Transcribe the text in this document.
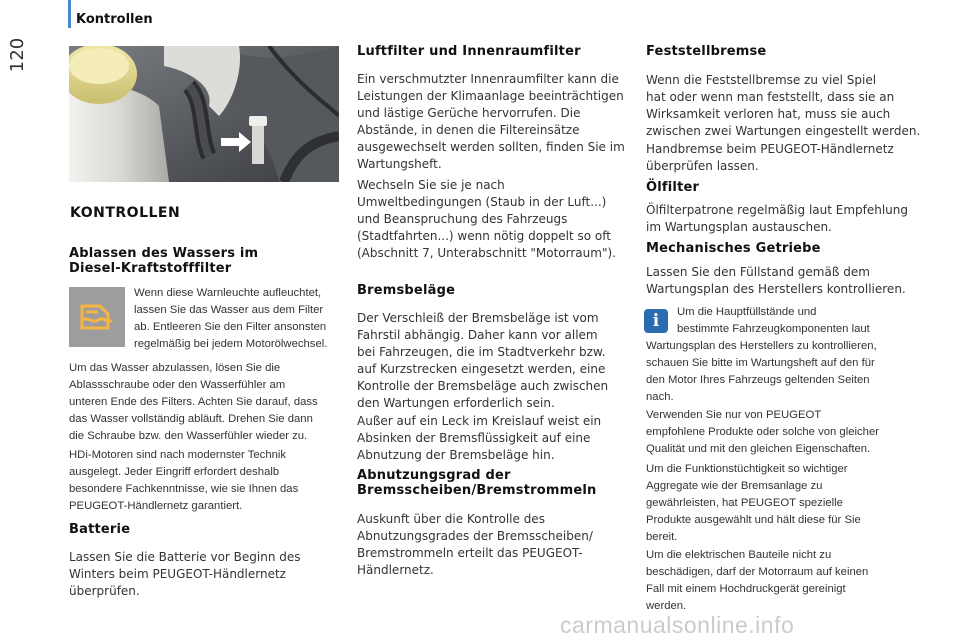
Kontrollen
120
KONTROLLEN
Ablassen des Wassers im
Diesel-Kraftstofffilter

Wenn diese Warnleuchte aufleuchtet,

lassen Sie das Wasser aus dem Filter

ab. Entleeren Sie den Filter ansonsten

regelmäßig bei jedem Motorölwechsel.

Um das Wasser abzulassen, lösen Sie die

Ablassschraube oder den Wasserfühler am

unteren Ende des Filters. Achten Sie darauf, dass

das Wasser vollständig abläuft. Drehen Sie dann

die Schraube bzw. den Wasserfühler wieder zu.

HDi-Motoren sind nach modernster Technik

ausgelegt. Jeder Eingriff erfordert deshalb

besondere Fachkenntnisse, wie sie Ihnen das

PEUGEOT-Händlernetz garantiert.

Batterie

Lassen Sie die Batterie vor Beginn des

Winters beim PEUGEOT-Händlernetz

überprüfen.

Luftfilter und Innenraumfilter

Ein verschmutzter Innenraumfilter kann die

Leistungen der Klimaanlage beeinträchtigen

und lästige Gerüche hervorrufen. Die

Abstände, in denen die Filtereinsätze

ausgewechselt werden sollten, finden Sie im

Wartungsheft.

Wechseln Sie sie je nach

Umweltbedingungen (Staub in der Luft...)

und Beanspruchung des Fahrzeugs

(Stadtfahrten...) wenn nötig doppelt so oft

(Abschnitt 7, Unterabschnitt "Motorraum").

Bremsbeläge

Der Verschleiß der Bremsbeläge ist vom

Fahrstil abhängig. Daher kann vor allem

bei Fahrzeugen, die im Stadtverkehr bzw.

auf Kurzstrecken eingesetzt werden, eine

Kontrolle der Bremsbeläge auch zwischen

den Wartungen erforderlich sein.

Außer auf ein Leck im Kreislauf weist ein

Absinken der Bremsflüssigkeit auf eine

Abnutzung der Bremsbeläge hin.

Abnutzungsgrad der
Bremsscheiben/Bremstrommeln

Auskunft über die Kontrolle des

Abnutzungsgrades der Bremsscheiben/

Bremstrommeln erteilt das PEUGEOT-

Händlernetz.

Feststellbremse

Wenn die Feststellbremse zu viel Spiel

hat oder wenn man feststellt, dass sie an

Wirksamkeit verloren hat, muss sie auch

zwischen zwei Wartungen eingestellt werden.

Handbremse beim PEUGEOT-Händlernetz

überprüfen lassen.

Ölfilter

Ölfilterpatrone regelmäßig laut Empfehlung

im Wartungsplan austauschen.

Mechanisches Getriebe

Lassen Sie den Füllstand gemäß dem

Wartungsplan des Herstellers kontrollieren.

i	Um die Hauptfüllstände und

bestimmte Fahrzeugkomponenten laut

Wartungsplan des Herstellers zu kontrollieren,

schauen Sie bitte im Wartungsheft auf den für

den Motor Ihres Fahrzeugs geltenden Seiten

nach.

Verwenden Sie nur von PEUGEOT

empfohlene Produkte oder solche von gleicher

Qualität und mit den gleichen Eigenschaften.

Um die Funktionstüchtigkeit so wichtiger

Aggregate wie der Bremsanlage zu

gewährleisten, hat PEUGEOT spezielle

Produkte ausgewählt und hält diese für Sie

bereit.

Um die elektrischen Bauteile nicht zu

beschädigen, darf der Motorraum auf keinen

Fall mit einem Hochdruckgerät gereinigt

werden.

carmanualsonline.info
